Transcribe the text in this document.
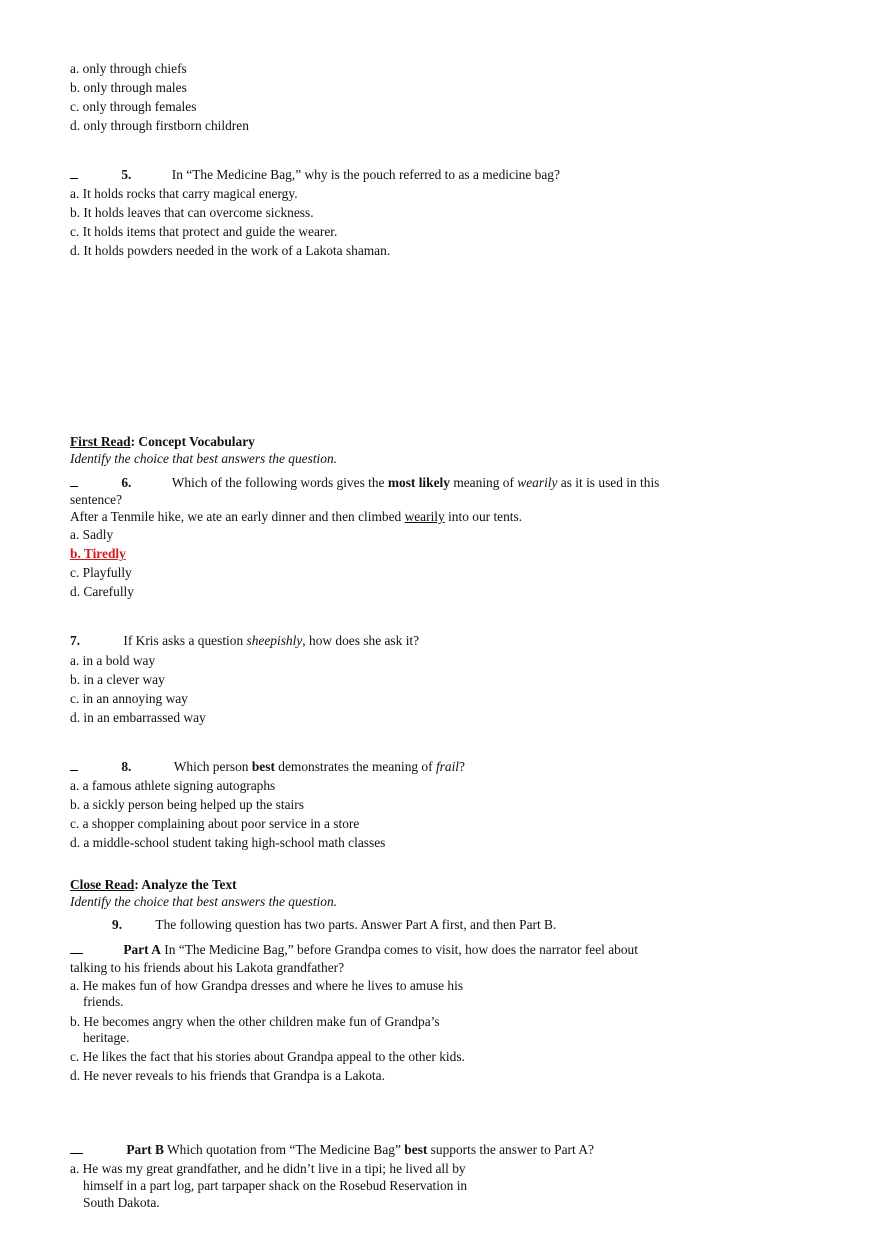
a. only through chiefs
b. only through males
c. only through females
d. only through firstborn children
5.	In “The Medicine Bag,” why is the pouch referred to as a medicine bag?
a. It holds rocks that carry magical energy.
b. It holds leaves that can overcome sickness.
c. It holds items that protect and guide the wearer.
d. It holds powders needed in the work of a Lakota shaman.
First Read: Concept Vocabulary
Identify the choice that best answers the question.
6.	Which of the following words gives the most likely meaning of wearily as it is used in this
sentence?
After a Tenmile hike, we ate an early dinner and then climbed wearily into our tents.
a. Sadly
b. Tiredly
c. Playfully
d. Carefully
7.	If Kris asks a question sheepishly, how does she ask it?
a. in a bold way
b. in a clever way
c. in an annoying way
d. in an embarrassed way
8.	Which person best demonstrates the meaning of frail?
a. a famous athlete signing autographs
b. a sickly person being helped up the stairs
c. a shopper complaining about poor service in a store
d. a middle-school student taking high-school math classes
Close Read: Analyze the Text
Identify the choice that best answers the question.
9. The following question has two parts. Answer Part A first, and then Part B.
Part A In “The Medicine Bag,” before Grandpa comes to visit, how does the narrator feel about
talking to his friends about his Lakota grandfather?
a. He makes fun of how Grandpa dresses and where he lives to amuse his
friends.
b. He becomes angry when the other children make fun of Grandpa’s
heritage.
c. He likes the fact that his stories about Grandpa appeal to the other kids.
d. He never reveals to his friends that Grandpa is a Lakota.
Part B Which quotation from “The Medicine Bag” best supports the answer to Part A?
a. He was my great grandfather, and he didn’t live in a tipi; he lived all by
himself in a part log, part tarpaper shack on the Rosebud Reservation in
South Dakota.
